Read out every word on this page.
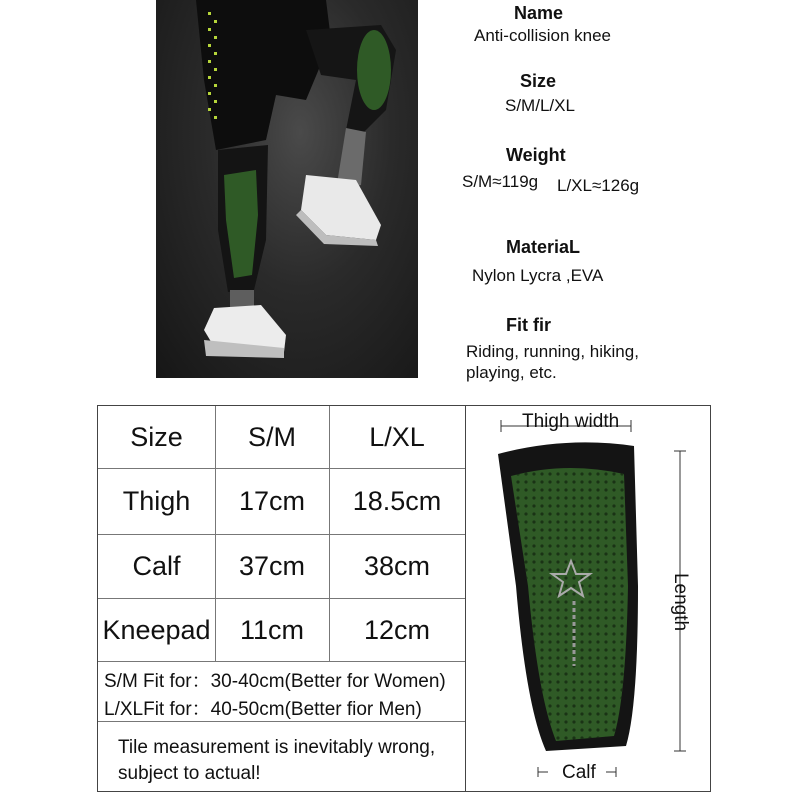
Name
Anti-collision knee
Size
S/M/L/XL
Weight
S/M≈119g L/XL≈126g
MateriaL
Nylon Lycra ,EVA
Fit fir
Riding, running, hiking,
playing, etc.
Size	S/M	L/XL
Thigh	17cm	18.5cm
Calf	37cm	38cm
Kneepad	11cm	12cm
S/M Fit for：30-40cm(Better for Women)
L/XLFit for：40-50cm(Better fior Men)
Tile measurement is inevitably wrong,
subject to actual!
Thigh width
Length
Calf
